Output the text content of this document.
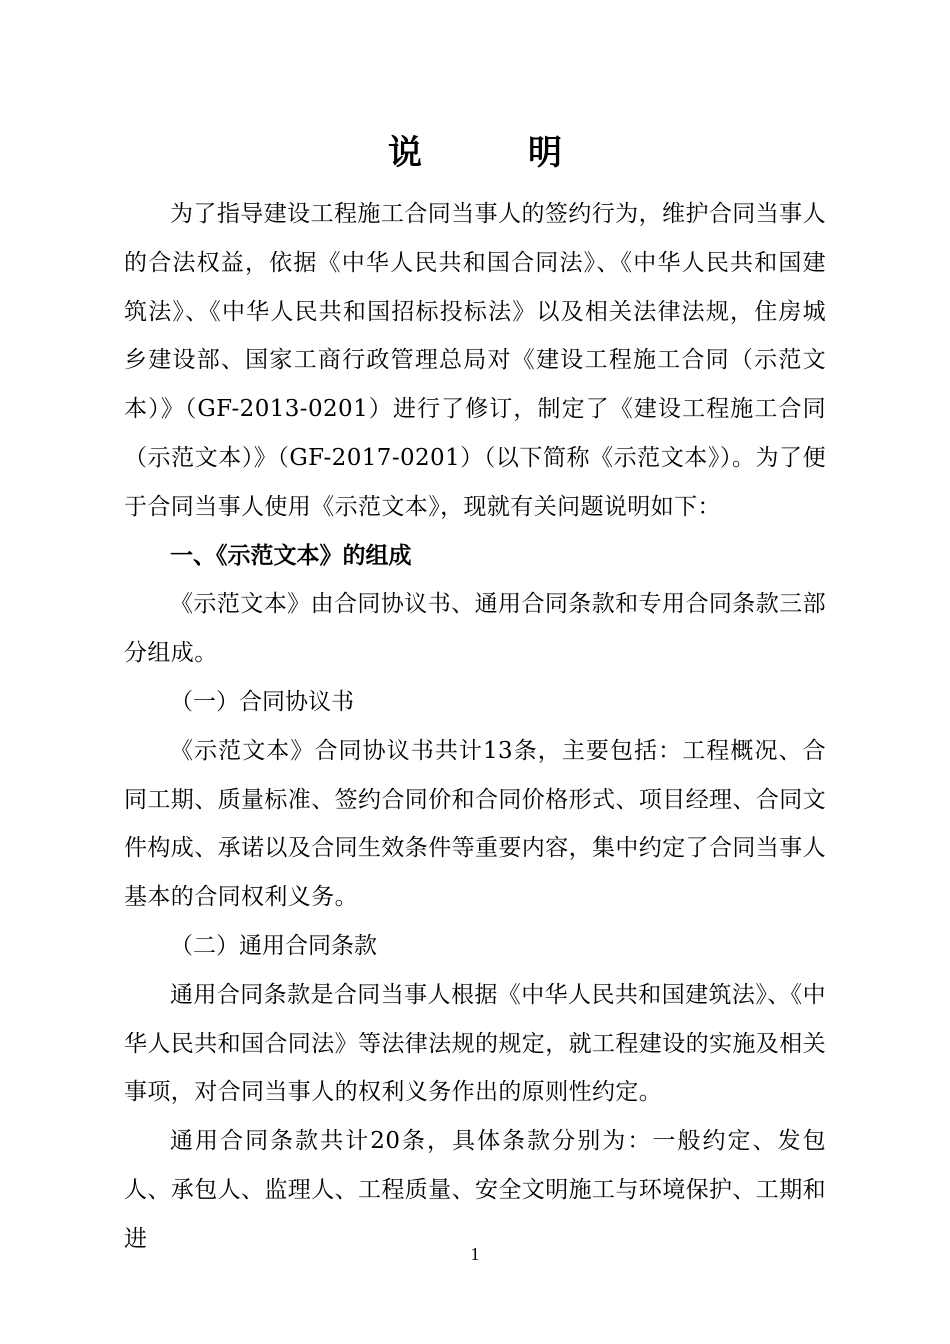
说　明

为了指导建设工程施工合同当事人的签约行为，维护合同当事人的合法权益，依据《中华人民共和国合同法》、《中华人民共和国建筑法》、《中华人民共和国招标投标法》以及相关法律法规，住房城乡建设部、国家工商行政管理总局对《建设工程施工合同（示范文本）》（GF-2013-0201）进行了修订，制定了《建设工程施工合同（示范文本）》（GF-2017-0201）（以下简称《示范文本》）。为了便于合同当事人使用《示范文本》，现就有关问题说明如下：

一、《示范文本》的组成

《示范文本》由合同协议书、通用合同条款和专用合同条款三部分组成。

（一）合同协议书

《示范文本》合同协议书共计13条，主要包括：工程概况、合同工期、质量标准、签约合同价和合同价格形式、项目经理、合同文件构成、承诺以及合同生效条件等重要内容，集中约定了合同当事人基本的合同权利义务。

（二）通用合同条款

通用合同条款是合同当事人根据《中华人民共和国建筑法》、《中华人民共和国合同法》等法律法规的规定，就工程建设的实施及相关事项，对合同当事人的权利义务作出的原则性约定。

通用合同条款共计20条，具体条款分别为：一般约定、发包人、承包人、监理人、工程质量、安全文明施工与环境保护、工期和进

1
